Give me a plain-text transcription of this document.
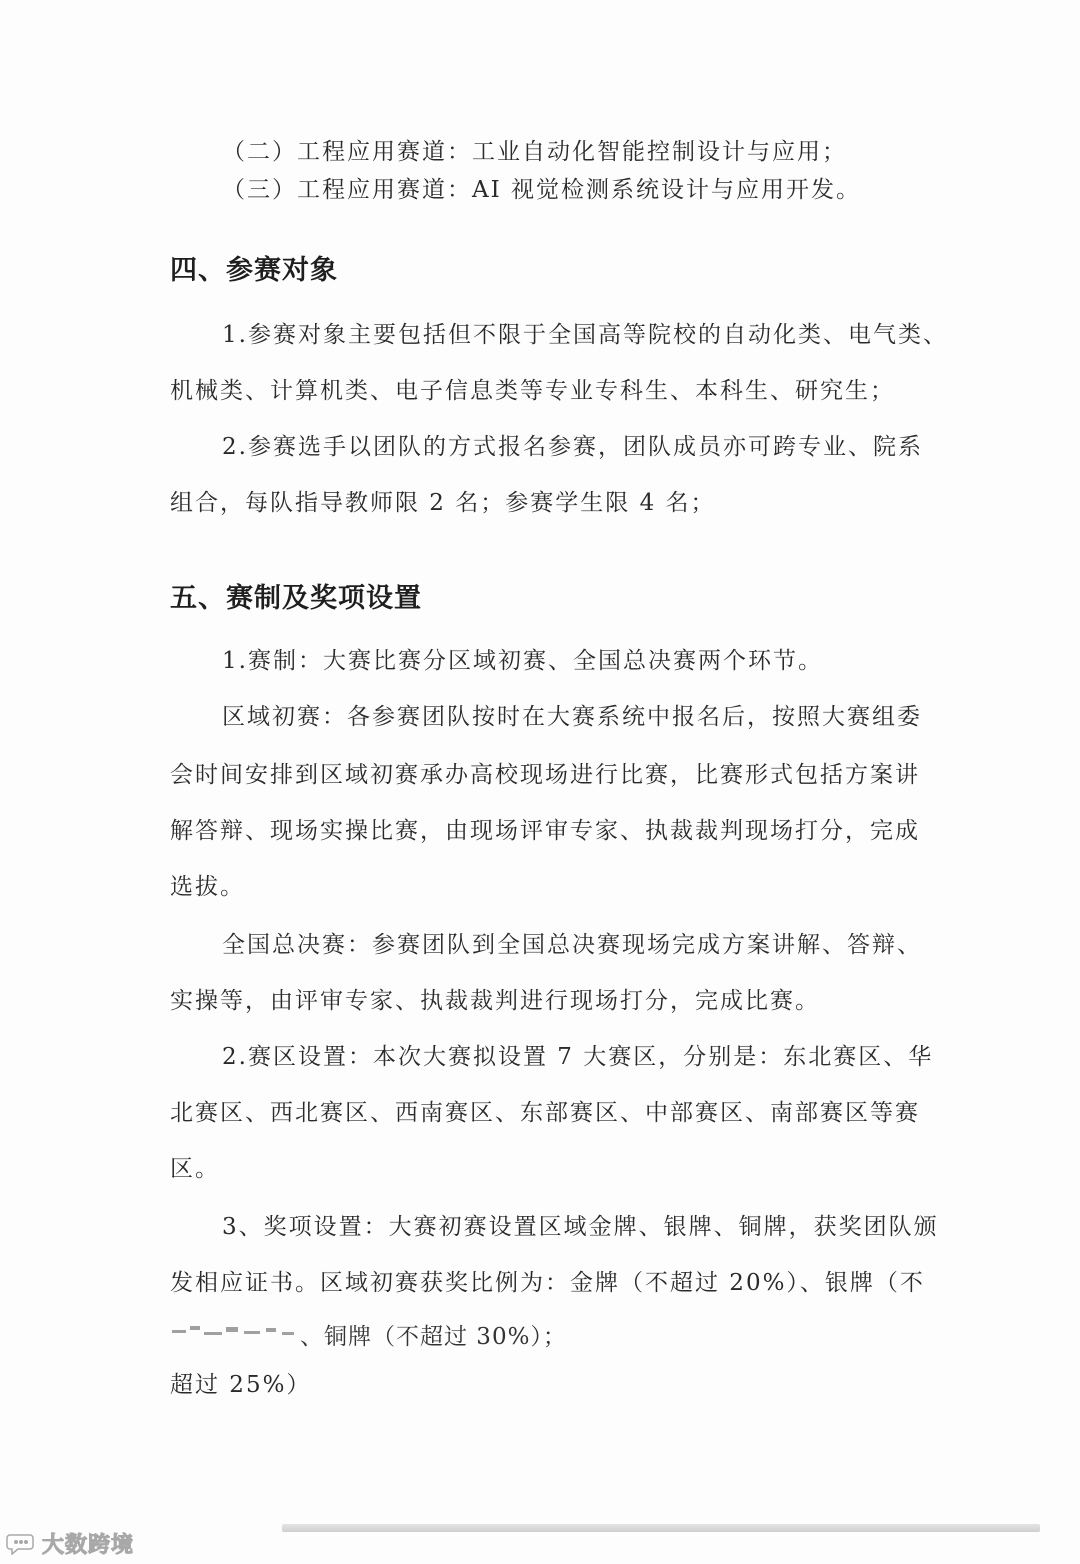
（二）工程应用赛道：工业自动化智能控制设计与应用；
（三）工程应用赛道：AI 视觉检测系统设计与应用开发。
四、参赛对象
1.参赛对象主要包括但不限于全国高等院校的自动化类、电气类、
机械类、计算机类、电子信息类等专业专科生、本科生、研究生；
2.参赛选手以团队的方式报名参赛，团队成员亦可跨专业、院系
组合，每队指导教师限 2 名；参赛学生限 4 名；
五、赛制及奖项设置
1.赛制：大赛比赛分区域初赛、全国总决赛两个环节。
区域初赛：各参赛团队按时在大赛系统中报名后，按照大赛组委
会时间安排到区域初赛承办高校现场进行比赛，比赛形式包括方案讲
解答辩、现场实操比赛，由现场评审专家、执裁裁判现场打分，完成
选拔。
全国总决赛：参赛团队到全国总决赛现场完成方案讲解、答辩、
实操等，由评审专家、执裁裁判进行现场打分，完成比赛。
2.赛区设置：本次大赛拟设置 7 大赛区，分别是：东北赛区、华
北赛区、西北赛区、西南赛区、东部赛区、中部赛区、南部赛区等赛
区。
3、奖项设置：大赛初赛设置区域金牌、银牌、铜牌，获奖团队颁
发相应证书。区域初赛获奖比例为：金牌（不超过 20%）、银牌（不
、铜牌（不超过 30%）；
超过 25%）
大数跨境
